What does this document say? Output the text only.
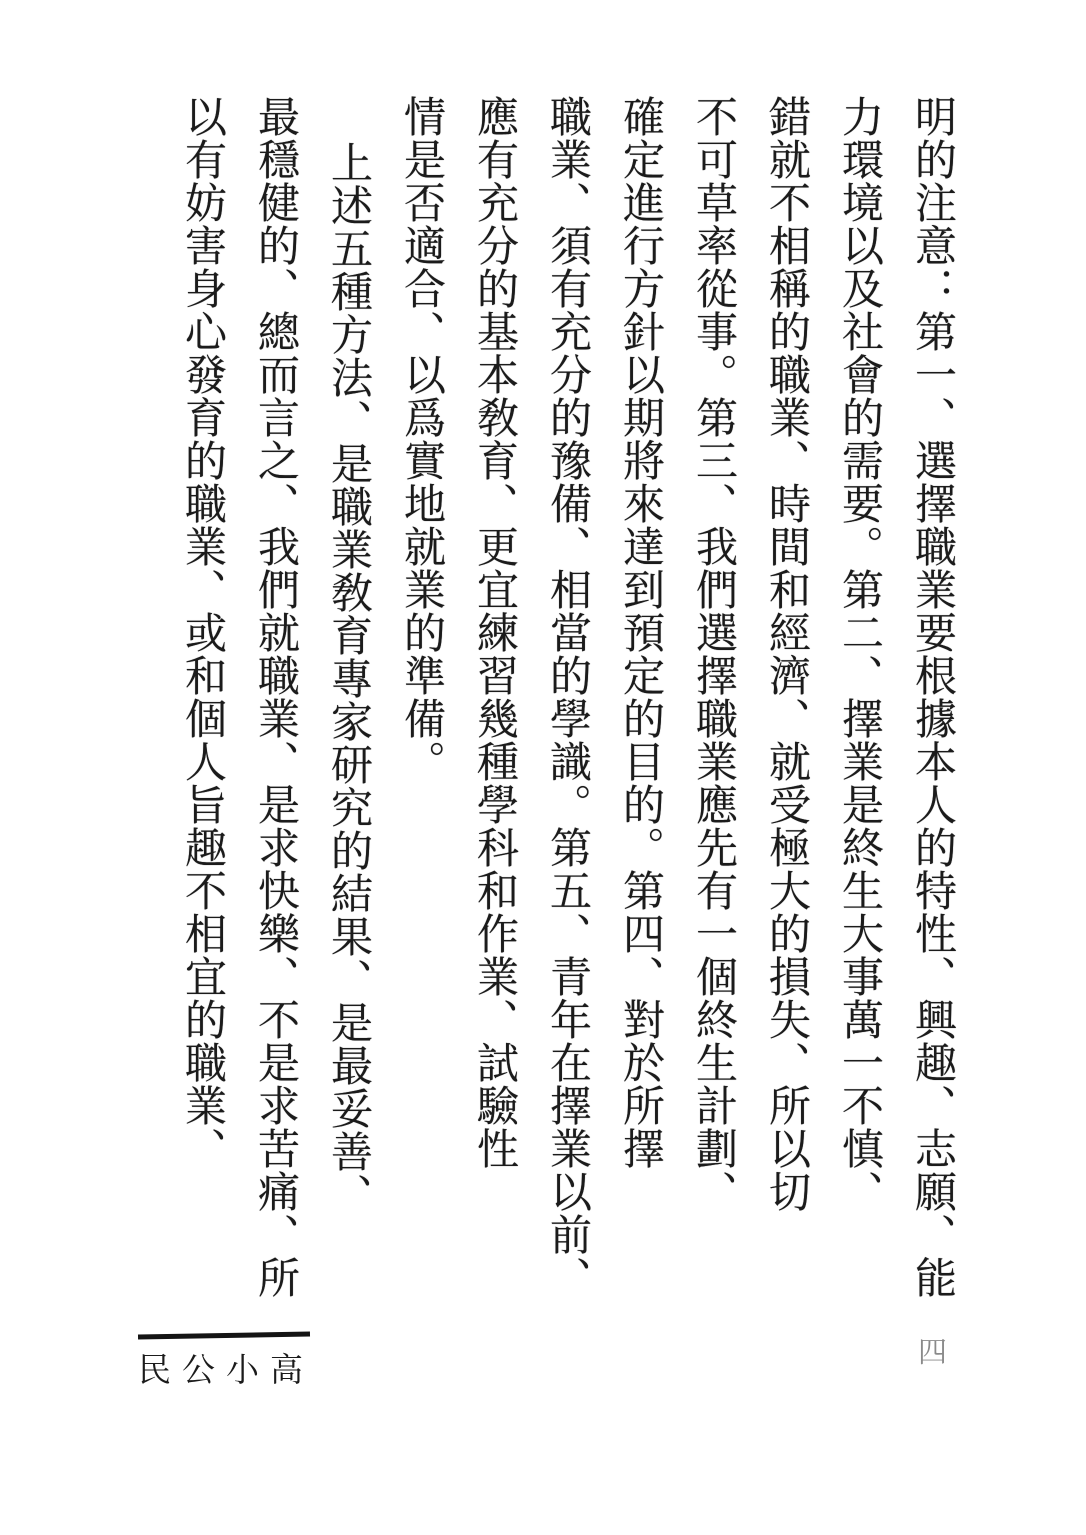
明的注意：第一、選擇職業要根據本人的特性、興趣、志願、能
力環境以及社會的需要。第二、擇業是終生大事萬一不慎、
錯就不相稱的職業、時間和經濟、就受極大的損失、所以切
不可草率從事。第三、我們選擇職業應先有一個終生計劃、
確定進行方針以期將來達到預定的目的。第四、對於所擇
職業、須有充分的豫備、相當的學識。第五、青年在擇業以前、
應有充分的基本敎育、更宜練習幾種學科和作業、試驗性
情是否適合、以爲實地就業的準備。
上述五種方法、是職業敎育專家研究的結果、是最妥善、
最穩健的、總而言之、我們就職業、是求快樂、不是求苦痛、所
以有妨害身心發育的職業、或和個人旨趣不相宜的職業、
民公小高	四
